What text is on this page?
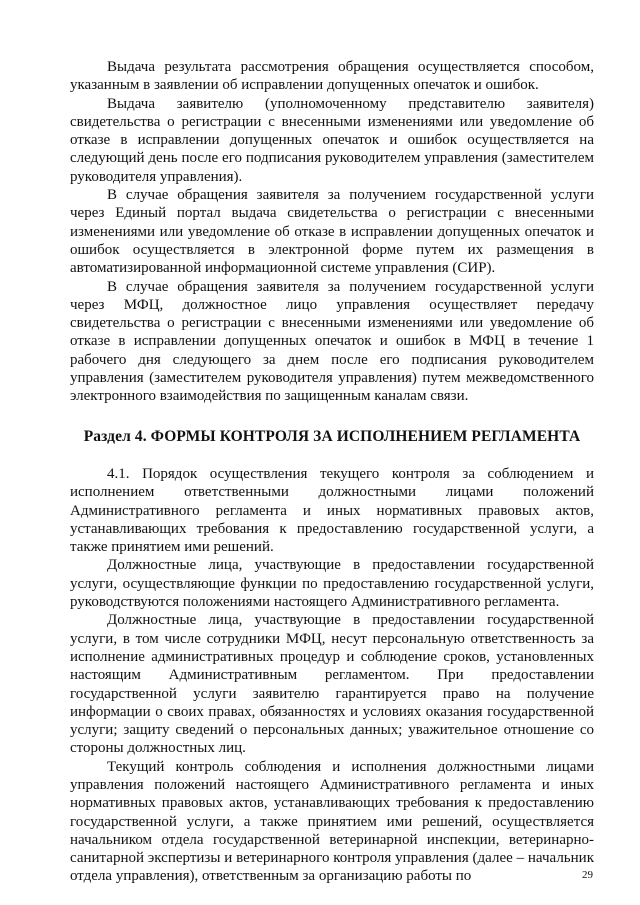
Выдача результата рассмотрения обращения осуществляется способом, указанным в заявлении об исправлении допущенных опечаток и ошибок.

Выдача заявителю (уполномоченному представителю заявителя) свидетельства о регистрации с внесенными изменениями или уведомление об отказе в исправлении допущенных опечаток и ошибок осуществляется на следующий день после его подписания руководителем управления (заместителем руководителя управления).

В случае обращения заявителя за получением государственной услуги через Единый портал выдача свидетельства о регистрации с внесенными изменениями или уведомление об отказе в исправлении допущенных опечаток и ошибок осуществляется в электронной форме путем их размещения в автоматизированной информационной системе управления (СИР).

В случае обращения заявителя за получением государственной услуги через МФЦ, должностное лицо управления осуществляет передачу свидетельства о регистрации с внесенными изменениями или уведомление об отказе в исправлении допущенных опечаток и ошибок в МФЦ в течение 1 рабочего дня следующего за днем после его подписания руководителем управления (заместителем руководителя управления) путем межведомственного электронного взаимодействия по защищенным каналам связи.

Раздел 4. ФОРМЫ КОНТРОЛЯ ЗА ИСПОЛНЕНИЕМ РЕГЛАМЕНТА

4.1. Порядок осуществления текущего контроля за соблюдением и исполнением ответственными должностными лицами положений Административного регламента и иных нормативных правовых актов, устанавливающих требования к предоставлению государственной услуги, а также принятием ими решений.

Должностные лица, участвующие в предоставлении государственной услуги, осуществляющие функции по предоставлению государственной услуги, руководствуются положениями настоящего Административного регламента.

Должностные лица, участвующие в предоставлении государственной услуги, в том числе сотрудники МФЦ, несут персональную ответственность за исполнение административных процедур и соблюдение сроков, установленных настоящим Административным регламентом. При предоставлении государственной услуги заявителю гарантируется право на получение информации о своих правах, обязанностях и условиях оказания государственной услуги; защиту сведений о персональных данных; уважительное отношение со стороны должностных лиц.

Текущий контроль соблюдения и исполнения должностными лицами управления положений настоящего Административного регламента и иных нормативных правовых актов, устанавливающих требования к предоставлению государственной услуги, а также принятием ими решений, осуществляется начальником отдела государственной ветеринарной инспекции, ветеринарно-санитарной экспертизы и ветеринарного контроля управления (далее – начальник отдела управления), ответственным за организацию работы по	29
